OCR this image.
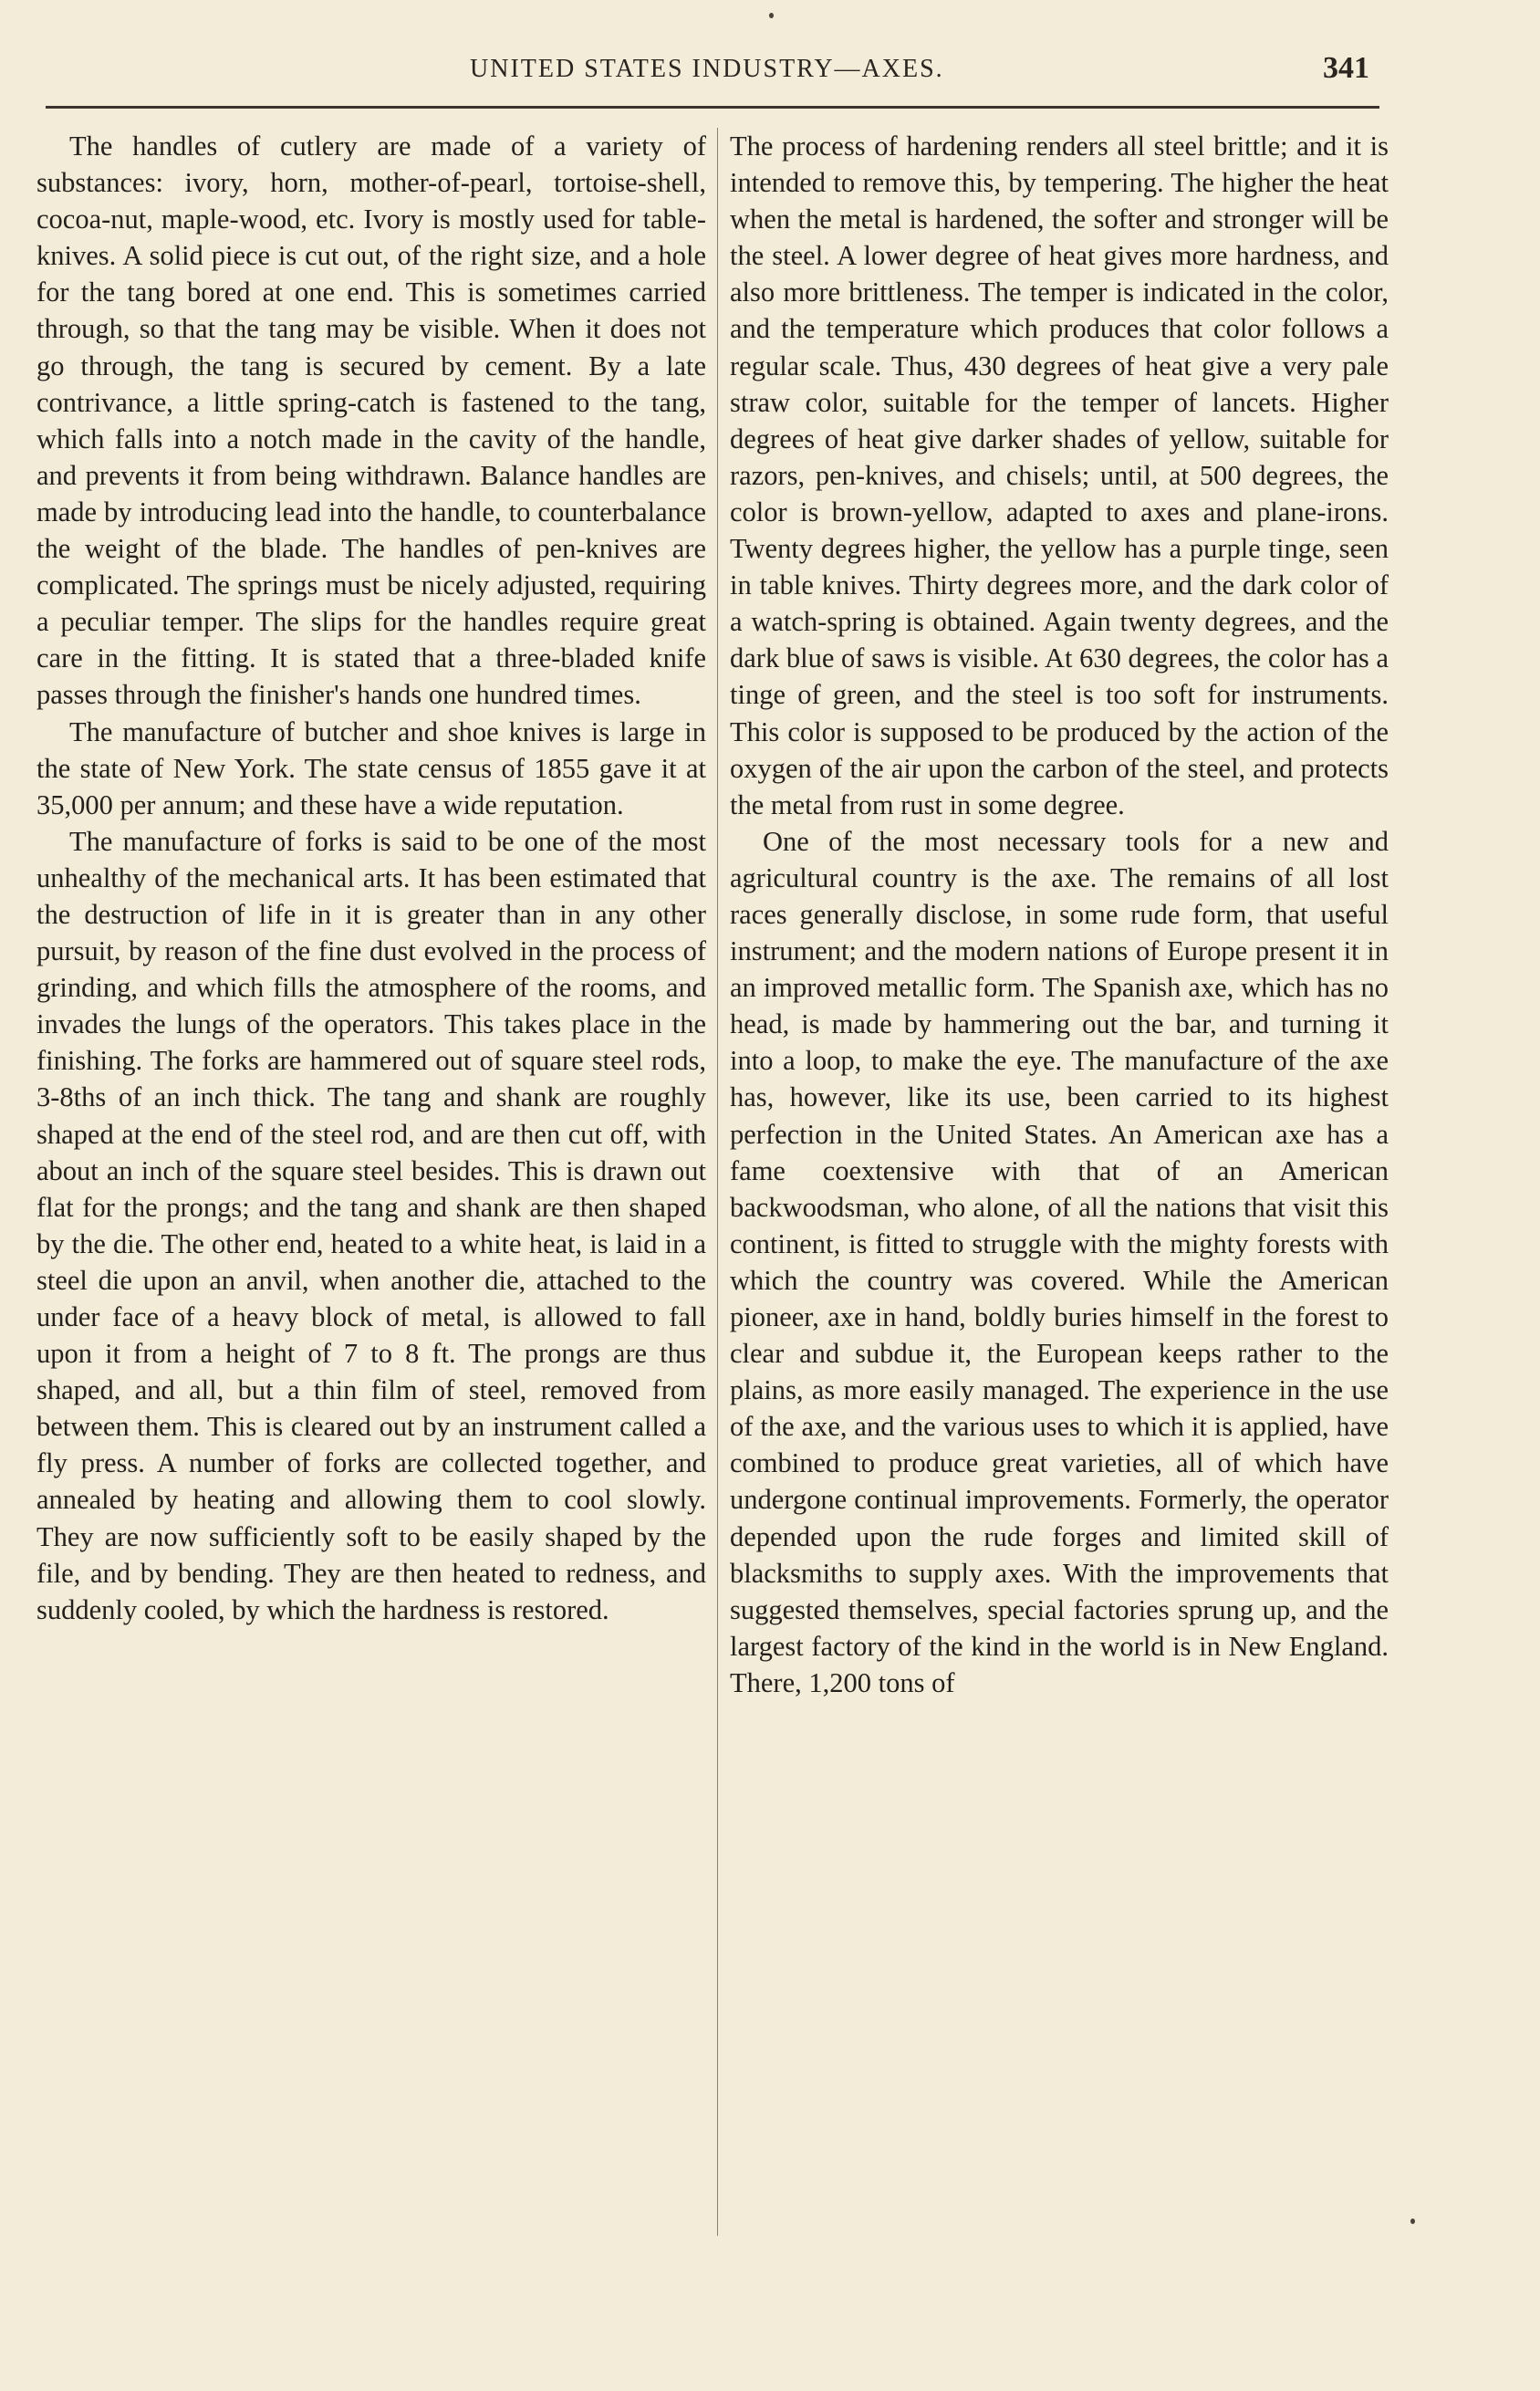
UNITED STATES INDUSTRY—AXES.	341

The handles of cutlery are made of a variety of substances: ivory, horn, mother-of-pearl, tortoise-shell, cocoa-nut, maple-wood, etc. Ivory is mostly used for table-knives. A solid piece is cut out, of the right size, and a hole for the tang bored at one end. This is sometimes carried through, so that the tang may be visible. When it does not go through, the tang is secured by cement. By a late contrivance, a little spring-catch is fastened to the tang, which falls into a notch made in the cavity of the handle, and prevents it from being withdrawn. Balance handles are made by introducing lead into the handle, to counterbalance the weight of the blade. The handles of pen-knives are complicated. The springs must be nicely adjusted, requiring a peculiar temper. The slips for the handles require great care in the fitting. It is stated that a three-bladed knife passes through the finisher's hands one hundred times.

The manufacture of butcher and shoe knives is large in the state of New York. The state census of 1855 gave it at 35,000 per annum; and these have a wide reputation.

The manufacture of forks is said to be one of the most unhealthy of the mechanical arts. It has been estimated that the destruction of life in it is greater than in any other pursuit, by reason of the fine dust evolved in the process of grinding, and which fills the atmosphere of the rooms, and invades the lungs of the operators. This takes place in the finishing. The forks are hammered out of square steel rods, 3-8ths of an inch thick. The tang and shank are roughly shaped at the end of the steel rod, and are then cut off, with about an inch of the square steel besides. This is drawn out flat for the prongs; and the tang and shank are then shaped by the die. The other end, heated to a white heat, is laid in a steel die upon an anvil, when another die, attached to the under face of a heavy block of metal, is allowed to fall upon it from a height of 7 to 8 ft. The prongs are thus shaped, and all, but a thin film of steel, removed from between them. This is cleared out by an instrument called a fly press. A number of forks are collected together, and annealed by heating and allowing them to cool slowly. They are now sufficiently soft to be easily shaped by the file, and by bending. They are then heated to redness, and suddenly cooled, by which the hardness is restored.

The process of hardening renders all steel brittle; and it is intended to remove this, by tempering. The higher the heat when the metal is hardened, the softer and stronger will be the steel. A lower degree of heat gives more hardness, and also more brittleness. The temper is indicated in the color, and the temperature which produces that color follows a regular scale. Thus, 430 degrees of heat give a very pale straw color, suitable for the temper of lancets. Higher degrees of heat give darker shades of yellow, suitable for razors, pen-knives, and chisels; until, at 500 degrees, the color is brown-yellow, adapted to axes and plane-irons. Twenty degrees higher, the yellow has a purple tinge, seen in table knives. Thirty degrees more, and the dark color of a watch-spring is obtained. Again twenty degrees, and the dark blue of saws is visible. At 630 degrees, the color has a tinge of green, and the steel is too soft for instruments. This color is supposed to be produced by the action of the oxygen of the air upon the carbon of the steel, and protects the metal from rust in some degree.

One of the most necessary tools for a new and agricultural country is the axe. The remains of all lost races generally disclose, in some rude form, that useful instrument; and the modern nations of Europe present it in an improved metallic form. The Spanish axe, which has no head, is made by hammering out the bar, and turning it into a loop, to make the eye. The manufacture of the axe has, however, like its use, been carried to its highest perfection in the United States. An American axe has a fame coextensive with that of an American backwoodsman, who alone, of all the nations that visit this continent, is fitted to struggle with the mighty forests with which the country was covered. While the American pioneer, axe in hand, boldly buries himself in the forest to clear and subdue it, the European keeps rather to the plains, as more easily managed. The experience in the use of the axe, and the various uses to which it is applied, have combined to produce great varieties, all of which have undergone continual improvements. Formerly, the operator depended upon the rude forges and limited skill of blacksmiths to supply axes. With the improvements that suggested themselves, special factories sprung up, and the largest factory of the kind in the world is in New England. There, 1,200 tons of
